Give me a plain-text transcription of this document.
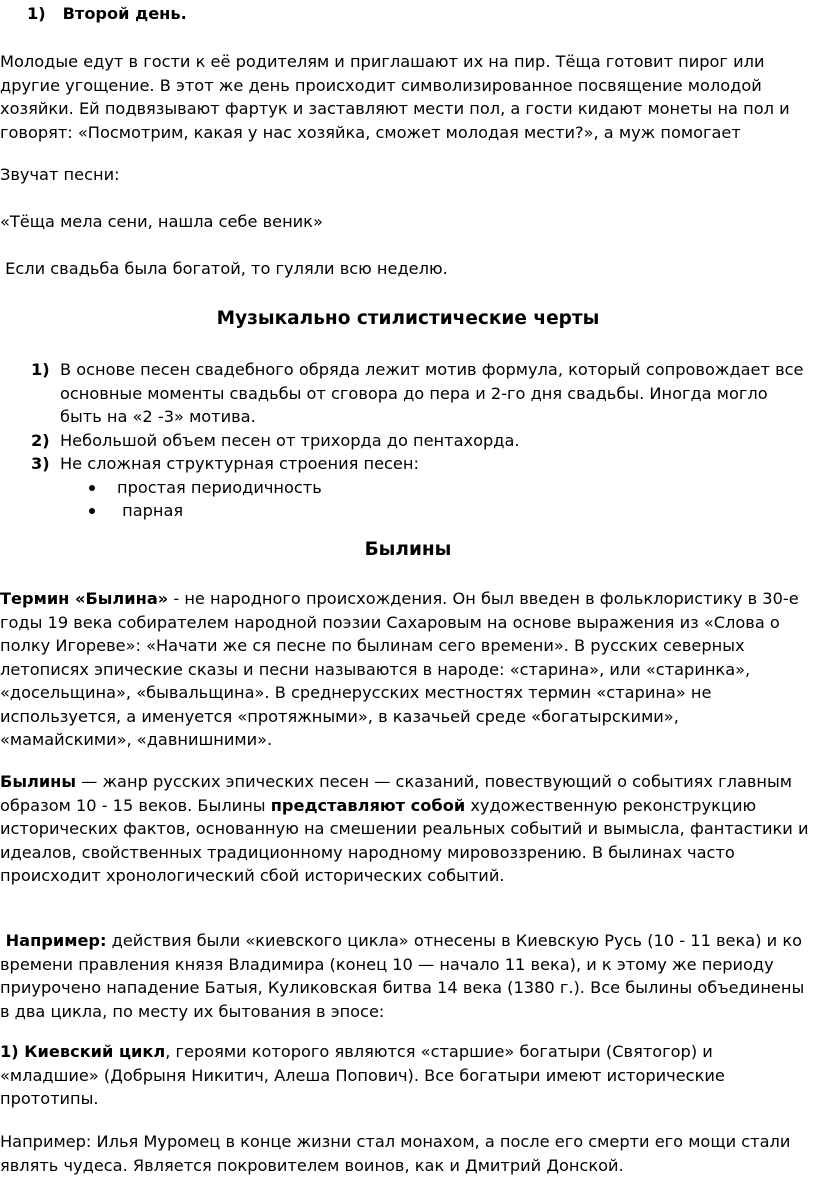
1) Второй день.

Молодые едут в гости к её родителям и приглашают их на пир. Тёща готовит пирог или другие угощение. В этот же день происходит символизированное посвящение молодой хозяйки. Ей подвязывают фартук и заставляют мести пол, а гости кидают монеты на пол и говорят: «Посмотрим, какая у нас хозяйка, сможет молодая мести?», а муж помогает

Звучат песни:

«Тёща мела сени, нашла себе веник»

Если свадьба была богатой, то гуляли всю неделю.

Музыкально стилистические черты
1) В основе песен свадебного обряда лежит мотив формула, который сопровождает все основные моменты свадьбы от сговора до пера и 2-го дня свадьбы. Иногда могло быть на «2 -3» мотива.
2) Небольшой объем песен от трихорда до пентахорда.
3) Не сложная структурная строения песен:
простая периодичность
парная
Былины

Термин «Былина» - не народного происхождения. Он был введен в фольклористику в 30-е годы 19 века собирателем народной поэзии Сахаровым на основе выражения из «Слова о полку Игореве»: «Начати же ся песне по былинам сего времени». В русских северных летописях эпические сказы и песни называются в народе: «старина», или «старинка», «досельщина», «бывальщина». В среднерусских местностях термин «старина» не используется, а именуется «протяжными», в казачьей среде «богатырскими», «мамайскими», «давнишними».

Былины — жанр русских эпических песен — сказаний, повествующий о событиях главным образом 10 - 15 веков. Былины представляют собой художественную реконструкцию исторических фактов, основанную на смешении реальных событий и вымысла, фантастики и идеалов, свойственных традиционному народному мировоззрению. В былинах часто происходит хронологический сбой исторических событий.

Например: действия были «киевского цикла» отнесены в Киевскую Русь (10 - 11 века) и ко времени правления князя Владимира (конец 10 — начало 11 века), и к этому же периоду приурочено нападение Батыя, Куликовская битва 14 века (1380 г.). Все былины объединены в два цикла, по месту их бытования в эпосе:

1) Киевский цикл, героями которого являются «старшие» богатыри (Святогор) и «младшие» (Добрыня Никитич, Алеша Попович). Все богатыри имеют исторические прототипы.

Например: Илья Муромец в конце жизни стал монахом, а после его смерти его мощи стали являть чудеса. Является покровителем воинов, как и Дмитрий Донской.
